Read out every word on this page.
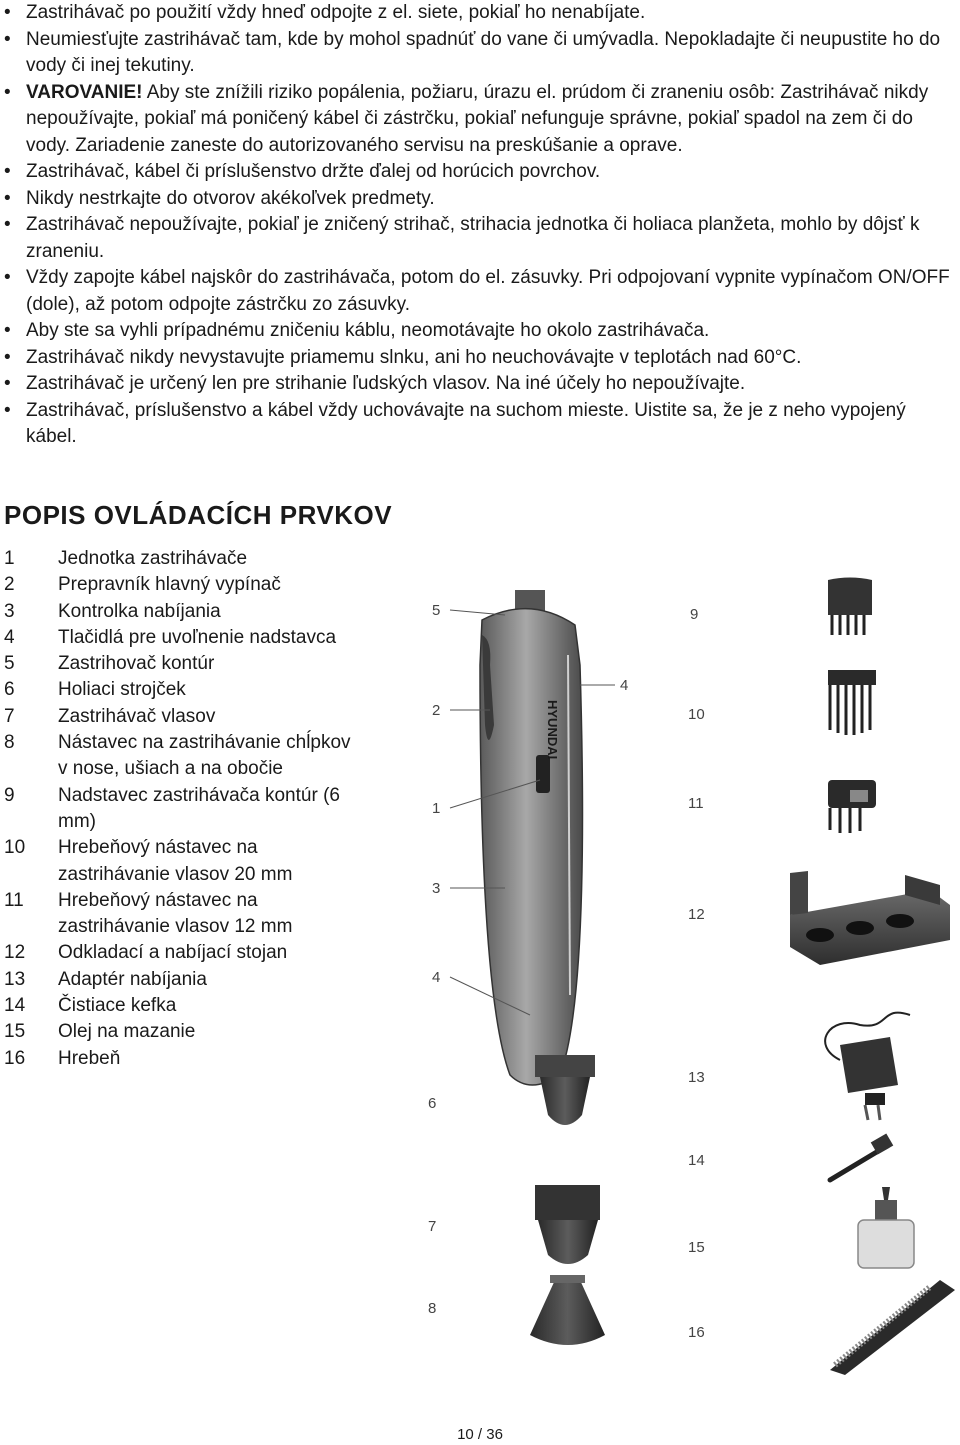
• Zastrihávač po použití vždy hneď odpojte z el. siete, pokiaľ ho nenabíjate.
• Neumiesťujte zastrihávač tam, kde by mohol spadnúť do vane či umývadla. Nepokladajte či neupustite ho do vody či inej tekutiny.
• VAROVANIE! Aby ste znížili riziko popálenia, požiaru, úrazu el. prúdom či zraneniu osôb: Zastrihávač nikdy nepoužívajte, pokiaľ má poničený kábel či zástrčku, pokiaľ nefunguje správne, pokiaľ spadol na zem či do vody. Zariadenie zaneste do autorizovaného servisu na preskúšanie a oprave.
• Zastrihávač, kábel či príslušenstvo držte ďalej od horúcich povrchov.
• Nikdy nestrkajte do otvorov akékoľvek predmety.
• Zastrihávač nepoužívajte, pokiaľ je zničený strihač, strihacia jednotka či holiaca planžeta, mohlo by dôjsť k zraneniu.
• Vždy zapojte kábel najskôr do zastrihávača, potom do el. zásuvky. Pri odpojovaní vypnite vypínačom ON/OFF (dole), až potom odpojte zástrčku zo zásuvky.
• Aby ste sa vyhli prípadnému zničeniu káblu, neomotávajte ho okolo zastrihávača.
• Zastrihávač nikdy nevystavujte priamemu slnku, ani ho neuchovávajte v teplotách nad 60°C.
• Zastrihávač je určený len pre strihanie ľudských vlasov. Na iné účely ho nepoužívajte.
• Zastrihávač, príslušenstvo a kábel vždy uchovávajte na suchom mieste. Uistite sa, že je z neho vypojený kábel.
POPIS OVLÁDACÍCH PRVKOV
1	Jednotka zastrihávače
2	Prepravník hlavný vypínač
3	Kontrolka nabíjania
4	Tlačidlá pre uvoľnenie nadstavca
5	Zastrihovač kontúr
6	Holiaci strojček
7	Zastrihávač vlasov
8	Nástavec na zastrihávanie chĺpkov v nose, ušiach a na obočie
9	Nadstavec zastrihávača kontúr (6 mm)
10	Hrebeňový nástavec na zastrihávanie vlasov 20 mm
11	Hrebeňový nástavec na zastrihávanie vlasov 12 mm
12	Odkladací a nabíjací stojan
13	Adaptér nabíjania
14	Čistiace kefka
15	Olej na mazanie
16	Hrebeň
HYUNDAI
5
4
2
1
3
4
6
7
8
9
10
11
12
13
14
15
16
10 / 36
